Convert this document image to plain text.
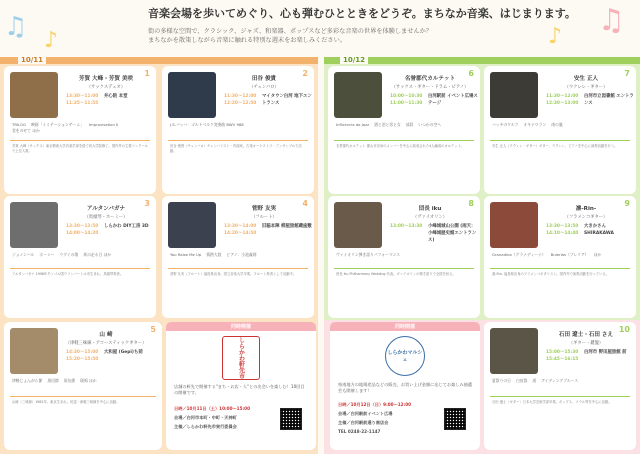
♫ ♪	♪ ♫
音楽会場を歩いてめぐり、心も弾むひとときをどうぞ。まちなか音楽、はじまります。
街の多様な空間で、クラシック、ジャズ、和楽器、ポップスなど多彩な音楽の世界を体験しませんか？
まちなかを散策しながら音楽に触れる特別な週末をお楽しみください。
10/11	10/12
1
芳賀 大峰・芳賀 美咲
（サックスデュオ）
13:30〜11:00
11:25〜11:55
井心院 本堂
TRILOG 映画「イミテーションゲーム」 Improvisation II君をのせて ほか
芳賀 大峰（サックス）東京藝術大学音楽学部を経て同大学院修了。国内外の主要コンクールで上位入賞。
2
田谷 俊貴
（チェンバロ）
11:30〜12:00
12:20〜12:50
マイタウン白河 地下エントランス
J.S.バッハ：ゴルトベルク変奏曲 BWV 988
田谷 俊貴（チェンバロ）チェンバリスト・作曲家。古楽オーケストラ・アンサンブルで活動。
3
アルタンバガナ
（馬頭琴・ホーミー）
13:30〜13:50
14:00〜14:20
しらかわ DIY工房 3D
ジョノンハル ホーミー ウグイの歌 馬の走る日 ほか
アルタンバガナ 1998年モンゴル国ウランバートル市生まれ。馬頭琴奏者。
4
菅野 友実
（フルート）
13:30〜14:00
14:20〜14:50
旧脇本陣 柳屋旅館蔵座敷
You Raise Me Up 情熱大陸 ピアノ：小池義則
菅野 友実（フルート）福島県出身。国立音楽大学卒業。フルート奏者として活動中。
5
山 崎
（津軽三味線・アコースティックギター）
14:30〜15:00
15:20〜15:50
大和屋 (Gepi)ち前
津軽じょんがら節 黒田節 炭坑節 斑鳩 ほか
山崎（三味線）1982年、東京生まれ。民謡・津軽三味線を中心に活動。
6
名誉郡代カルテット
（サックス・ギター・ドラム・ピアノ）
10:00〜10:30
11:00〜11:30
白河駅前 イベント広場ステージ
Influencia do Jazz 酒と泪と男と女 部員 いつかの空へ
名誉郡代カルテット 郡山市出身のメンバーを中心に結成された4人編成のカルテット。
7
安生 正人
（ウクレレ・ギター）
11:30〜12:00
12:30〜13:00
白河市立図書館 エントランス
ハッキのワルツ オキナワラン 南の風
安生 正人（ウクレレ・ギター）ギター、ウクレレ、ピアノを中心に演奏活動を行う。
8
団長 iku
（ヴァイオリン）
13:00〜13:30 小峰城城山公園 (雨天：小峰城歴史館エントランス)
ヴァイオリン弾き語りパフォーマンス
団長 iku Philharmony Wedding 代表。ヴァイオリンの弾き語りで全国を回る。
9
凛-Rin-
（フラメンコギター）
13:30〜13:50
14:10〜14:40
大きかさん SHIRAKAWA
Granadina（グラナディーナ） Bulerías（ブレリア） ほか
凛-Rin- 福島県出身のフラメンコギタリスト。国内外で演奏活動を行っている。
10
石田 遼士・石田 さえ
（ギター・鍵盤）
15:00〜15:30
15:45〜16:15
白河市 野田屋旅館 前
夏祭りの日 白夜祭 道 アイディングブルース
石田 遼士（ギター）日本大学芸術学部卒業。ポップス、ソウル等を中心に活動。
同時開催
しらかわ軒先市
店舗の軒先で開催する"まち・お店・人"との出会いを楽しむ！10回目の開催です。
日時／10月11日（土）10:00〜15:00
会場／白河市本町・中町・天神町
主催／しらかわ軒先市実行委員会
同時開催
しらかわマルシェ
県南地方の地場産品などの販売、お買い上げ金額に応じてお楽しみ抽選会も開催します！
日時／10月12日（日）9:00〜12:00
会場／白河駅前イベント広場
主催／白河駅前通り商店会
TEL 0248-22-1147
